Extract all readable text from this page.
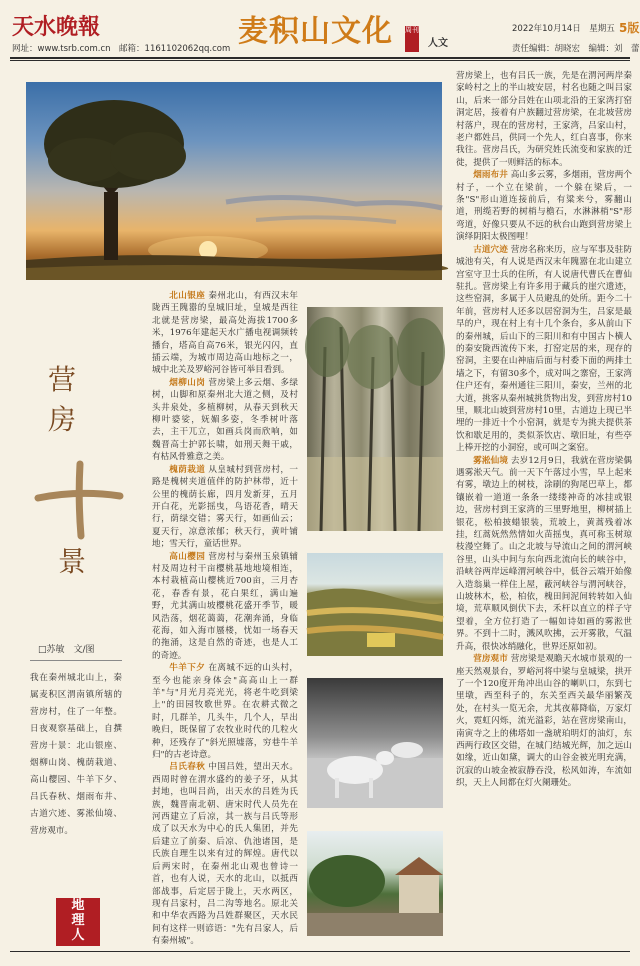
天水晚報
网址：www.tsrb.com.cn　邮箱：1161102062qq.com 麦积山文化 周刊
人文
2022年10月14日　星期五 5版
责任编辑：胡晓宏　编辑：刘　蕾
营房
景
□苏敏　文/图
我在秦州城北山上，秦属麦积区渭南镇所辖的营房村，住了一年整。日夜观察基础上，自撰营房十景：北山银座、烟柳山岗、槐荫栽道、高山樱园、牛羊下夕、吕氏春秋、烟雨布井、古道穴迹、雾淞仙境、营房观市。
地
理
人

北山银座 秦州北山，有西汉末年陇西王隗嚣的皇城旧址，皇城是西往北就是营房梁，最高处海拔1700多米，1976年建起天水广播电视调频转播台，塔高自高76米，银光闪闪，直插云端，为城市周边高山地标之一，城中北关及罗峪河谷皆可举目看到。

烟柳山岗 营房梁上多云烟、多绿树，山脚和原秦州北大道之侧，及村头井泉处，多植柳树，从春天到秋天柳叶婆娑，妩媚多姿，冬季树叶落去，主干兀立，如画兵岗而欣响，如魏晋高士护郭长啸，如刑天舞干戚，有枯风骨雅意之美。

槐荫栽道 从皇城村到营房村，一路是槐树夹道值伴的防护林带，近十公里的槐荫长廊，四月发新芽，五月开白花，光影摇曳，鸟语花香，晴天行，荫绿交错；雾天行，如画仙云；夏天行，凉意浓郁；秋天行，黄叶铺地；雪天行，童话世界。

高山樱园 营房村与秦州玉泉镇辅村及周边村干亩樱桃基地地境相连，本村栽植高山樱桃近700亩，三月杏花，春香有景，花白果红，满山遍野，尤其满山坡樱桃花盛开季节，暖风浩荡，烟花蔼蔼，花潮奔涌，身临花海，如入海市蜃楼，忧如一场春天的拖涌，这是自然的奇迹，也是人工的奇迹。

牛羊下夕 在离城不远的山头村，至今也能亲身体会"高高山上一群羊"与"月光月亮光光，将老牛吃到梁上"的田园牧歌世界。在农耕式微之时，几群羊，几头牛，几个人，早出晚归，既保留了农牧业时代的几粒火种，还残存了"斜光照墟落，穷巷牛羊归"的古老诗意。

吕氏春秋 中国吕姓，望出天水。西周时曾在渭水盛约的姜子牙，从其封地，也叫吕尚，出天水的吕姓为氏族，魏晋南北朝、唐宋时代人员先在河西建立了后凉，其一族与吕氏等形成了以天水为中心的氏人集团，并先后建立了前秦、后凉、仇池诸国，是氏族自理生以来有过的辉煌。唐代以后两宋时，在秦州北山观也曾诗一首，也有人说，天水的北山，以抵西部战事，后定居于陇上，天水两区，现有吕家村，吕二沟等地名。原北关和中华农西路为吕姓群聚区，天水民间有这样一则谚语："先有吕家人，后有秦州城"。

营房梁上，也有吕氏一族，先是在渭河两岸秦家岭村之上的半山坡安居，村名也随之叫吕家山，后来一部分吕姓在山项北沿的王家湾打窑洞定居，接着有户族翻过营房梁，在北坡营房村落户，现在的营房村，王家湾，吕家山村，老户都姓吕，供同一个先人，红白喜事，你来我往。营房吕氏，为研究姓氏流变和家族的迁徙，提供了一则鲜活的标本。

烟雨布井 高山多云雾，多烟雨，营房两个村子，一个立在梁前，一个躲在梁后，一条"S"形山道连接前后，有粱来兮，雾翻山道，刑缆若野的树梢与檐石，水淋淋梢"S"形弯道，好像只要从不远的秋台山跑到营房梁上演绎阴阳太极图哩！

古道穴迹 营房名称来历，应与军事及驻防城池有关，有人说是西汉末年隗嚣在北山建立宫室守卫士兵的住所，有人说唐代曹氏在曹仙驻扎。营房梁上有许多用于藏兵的崖穴遗迹，这些窑洞，多属于人员避乱的处所。距今二十年前，营房村人还多以居窑洞为生，吕家是最早的户，现在村上有十几个条台，多从前山下的秦州城，后山下的三阳川和有中国古卜横人的秦安陇西流传下来，打窑定居的来，现存的窑洞，主要在山神庙后面与村委下面的两排土墙之下，有留30多个，成对叫之寨窑，王家湾住户还有，秦州通往三阳川，秦安，兰州的北大道，挑客从秦州城挑货物出发，到营房村10里，顺北山坡到营房村10里，古道边上现已半埋的一排近十个小窑洞，就是专为挑夫提供茶饮和歇足用的，类似茶饮店、墩旧址，有些亭上棒开挖的小洞窑，或可叫之案窑。

雾淞仙境 去岁12月9日，我就在营房梁偶遇雾淞天气。前一天下午落过小雪，早上起来有雾，墩边上的树枝，涂刷的狗尾巴草上，都镶嵌着一道道一条条一缕缕神奇的冰挂或银边，营房村到王家湾的三里野地里，柳树插上银花，松柏披蜡银装，荒坡上，黄蒿残着冰挂，红蒿妩然然情如火苗摇曳，真可称玉树琼枝漫空舞了。山之北坡与导流山之间的渭河峡谷里，山头中间与东向西北流向长的峡谷中，沿峡谷两岸远峰渭河峡谷中，低谷云端开始像入造翁巢一样住上屋，蔽河峡谷与渭河峡谷，山坡林木，松，柏依，槐田间泥间转转如入仙境，荒草顺风倒伏下去，禾杆以直立的样子守望着，全方位打造了一幅如诗如画的雾淞世界。不到十二时，溅风吹拂，云开雾散，气温升高，很快冰绡融化，世界还原如初。

营房观市 营房梁是观瞻天水城市景观的一座天然观景台，罗峪河将中梁与皇城梁，拱开了一个120度开角冲出山谷的喇叭口，东到七里墩，西至科子的，东关至西关最华丽繁茂处，在村头一览无余，尤其夜幕降临，万家灯火，霓虹闪烁，流光溢彩，站在营房梁南山，南寅寺之上的佛塔如一盏琥珀明灯的油灯，东西两行政区交错，在城门结城光辉，加之远山如缘，近山如黛，调大的山谷金被光明充满，沉寂的山坡金被寂静吞没，松风如涛，车流如织，天上人间都在灯火阑珊处。
